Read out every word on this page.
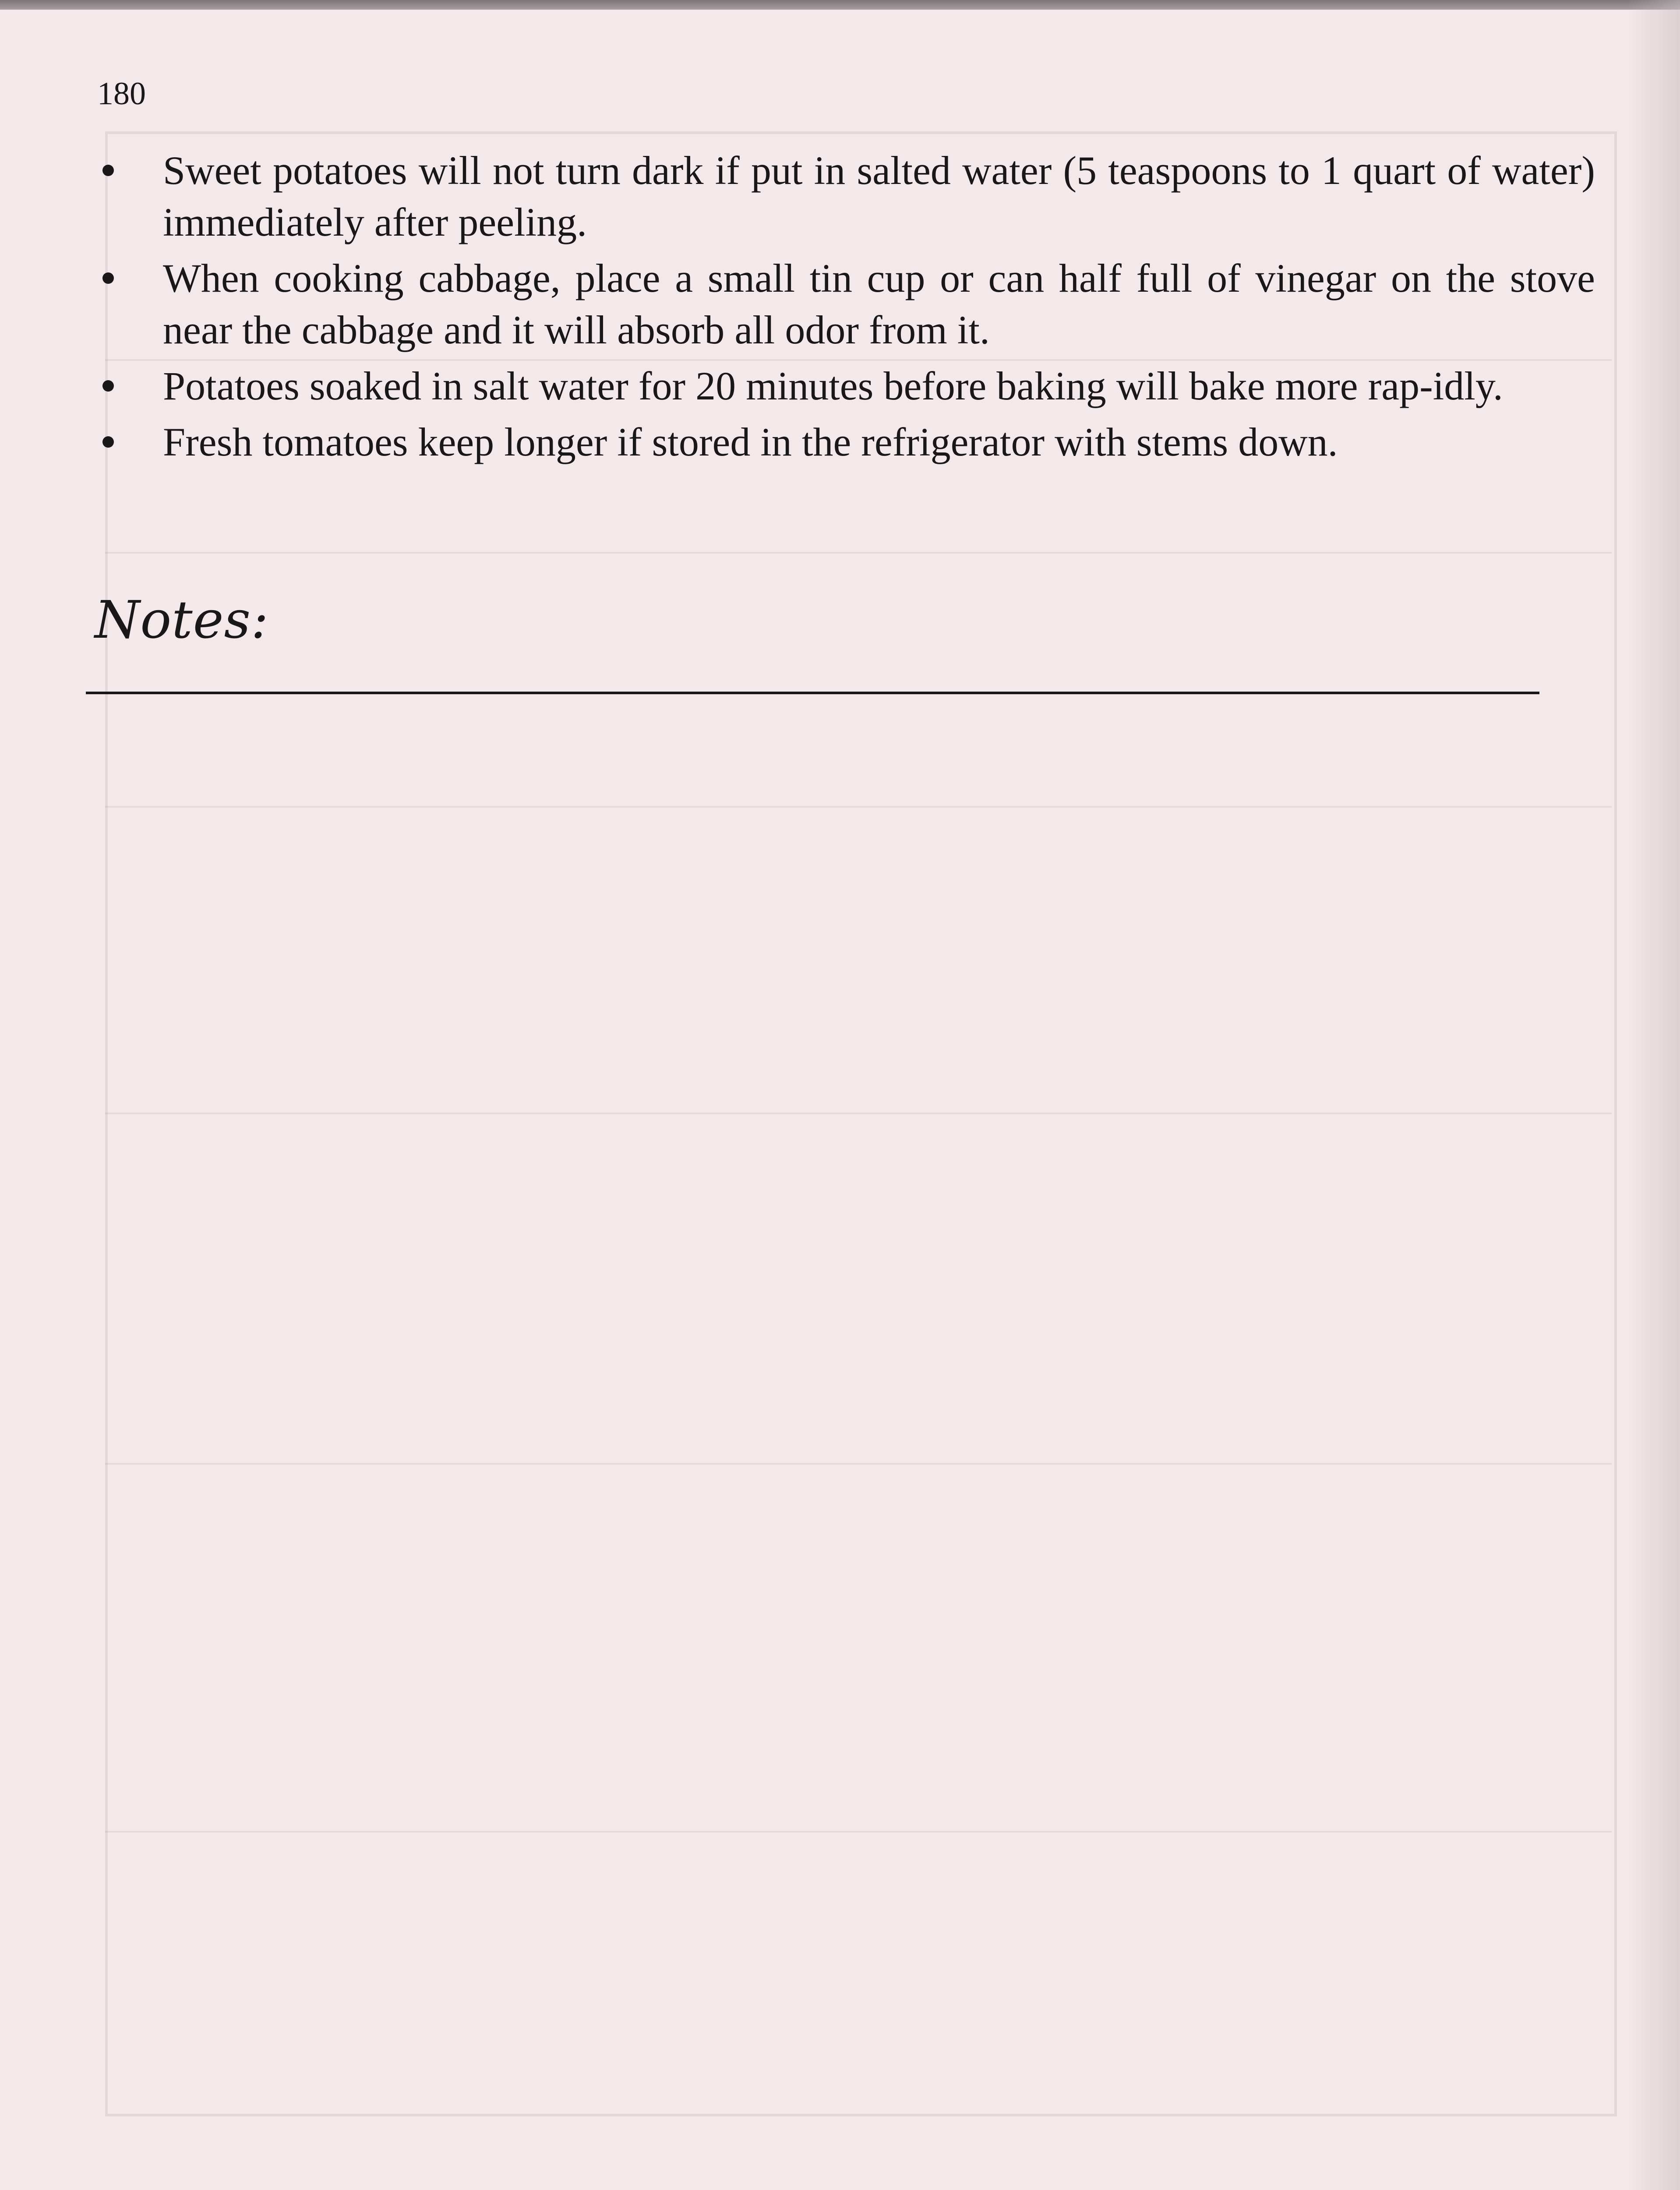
180
Sweet potatoes will not turn dark if put in salted water (5 teaspoons to 1 quart of water) immediately after peeling.
When cooking cabbage, place a small tin cup or can half full of vinegar on the stove near the cabbage and it will absorb all odor from it.
Potatoes soaked in salt water for 20 minutes before baking will bake more rap-idly.
Fresh tomatoes keep longer if stored in the refrigerator with stems down.
Notes:
